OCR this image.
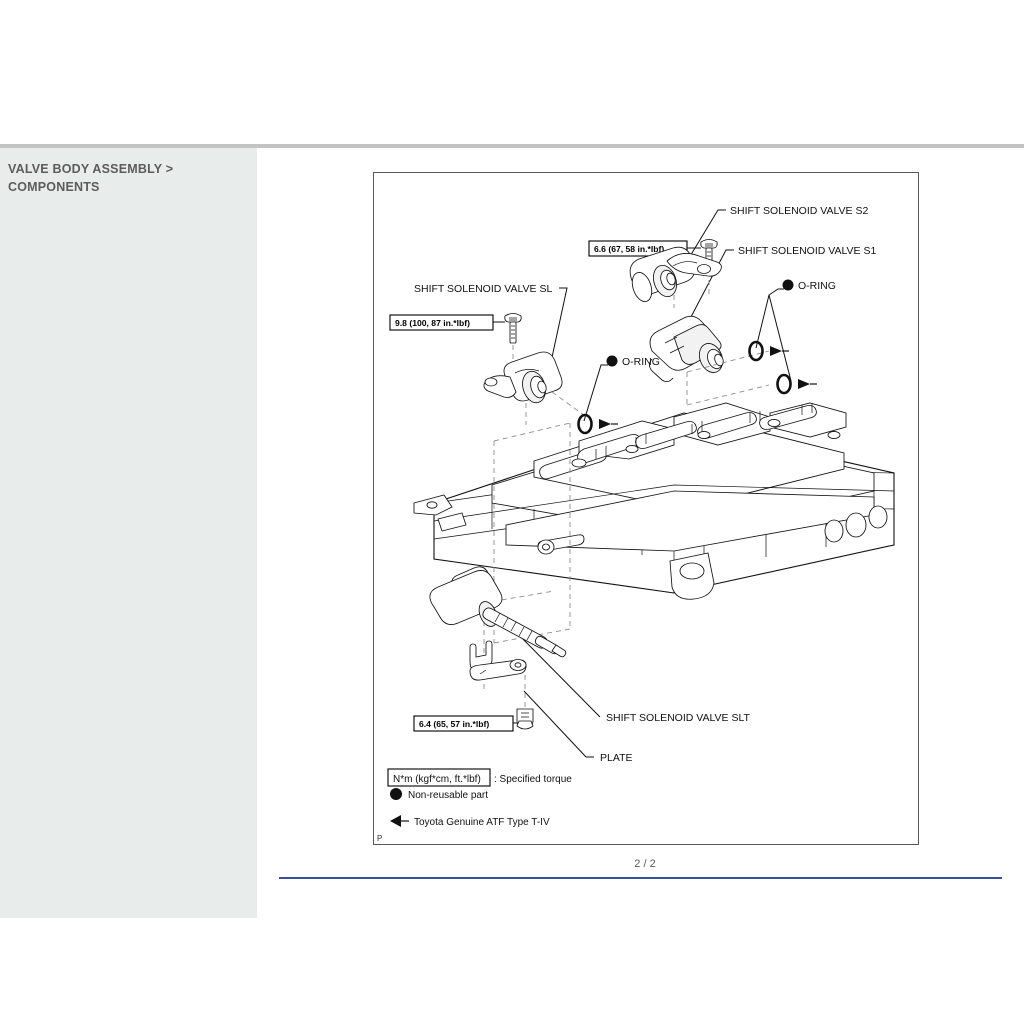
VALVE BODY ASSEMBLY > COMPONENTS
P
6.6 (67, 58 in.*lbf)
9.8 (100, 87 in.*lbf)
6.4 (65, 57 in.*lbf)
SHIFT SOLENOID VALVE S2
SHIFT SOLENOID VALVE S1
SHIFT SOLENOID VALVE SL
SHIFT SOLENOID VALVE SLT
PLATE
O-RING
O-RING
N*m (kgf*cm, ft.*lbf) : Specified torque
Non-reusable part
Toyota Genuine ATF Type T-IV
2 / 2
